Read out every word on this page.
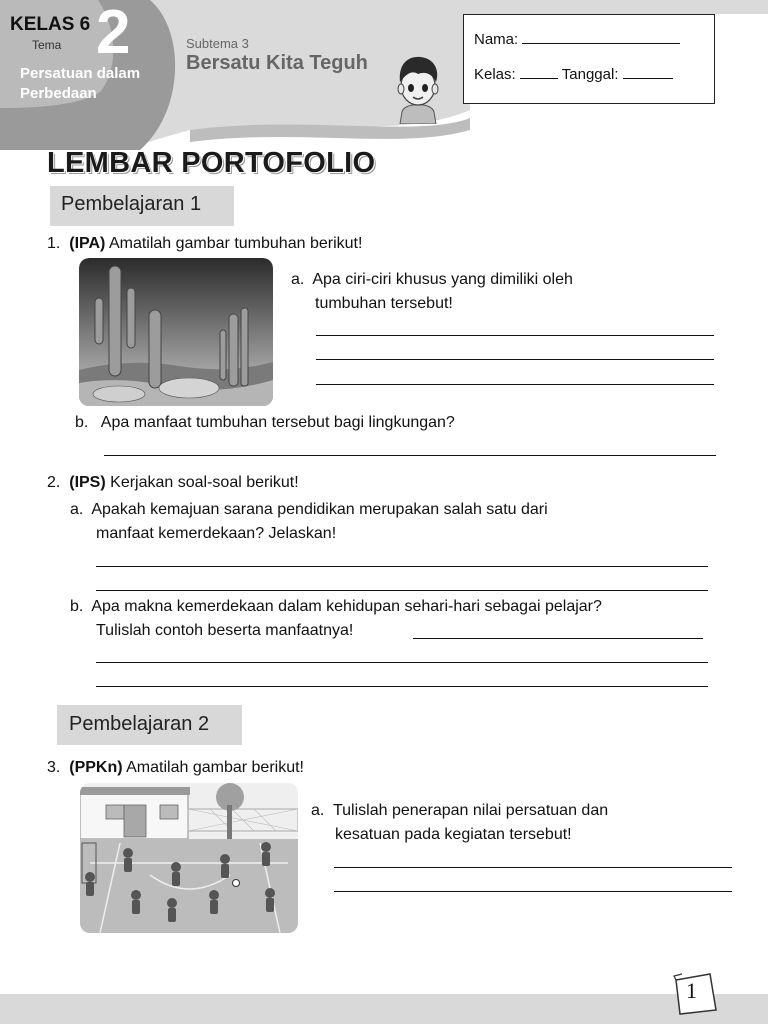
KELAS 6
Tema 2
Persatuan dalam
Perbedaan
Subtema 3
Bersatu Kita Teguh
Nama:
Kelas:	Tanggal:
LEMBAR PORTOFOLIO
Pembelajaran 1
1. (IPA) Amatilah gambar tumbuhan berikut!
a. Apa ciri-ciri khusus yang dimiliki oleh
tumbuhan tersebut!
b. Apa manfaat tumbuhan tersebut bagi lingkungan?
2. (IPS) Kerjakan soal-soal berikut!
a. Apakah kemajuan sarana pendidikan merupakan salah satu dari
manfaat kemerdekaan? Jelaskan!
b. Apa makna kemerdekaan dalam kehidupan sehari-hari sebagai pelajar?
Tulislah contoh beserta manfaatnya!
Pembelajaran 2
3. (PPKn) Amatilah gambar berikut!
a. Tulislah penerapan nilai persatuan dan
kesatuan pada kegiatan tersebut!
1
